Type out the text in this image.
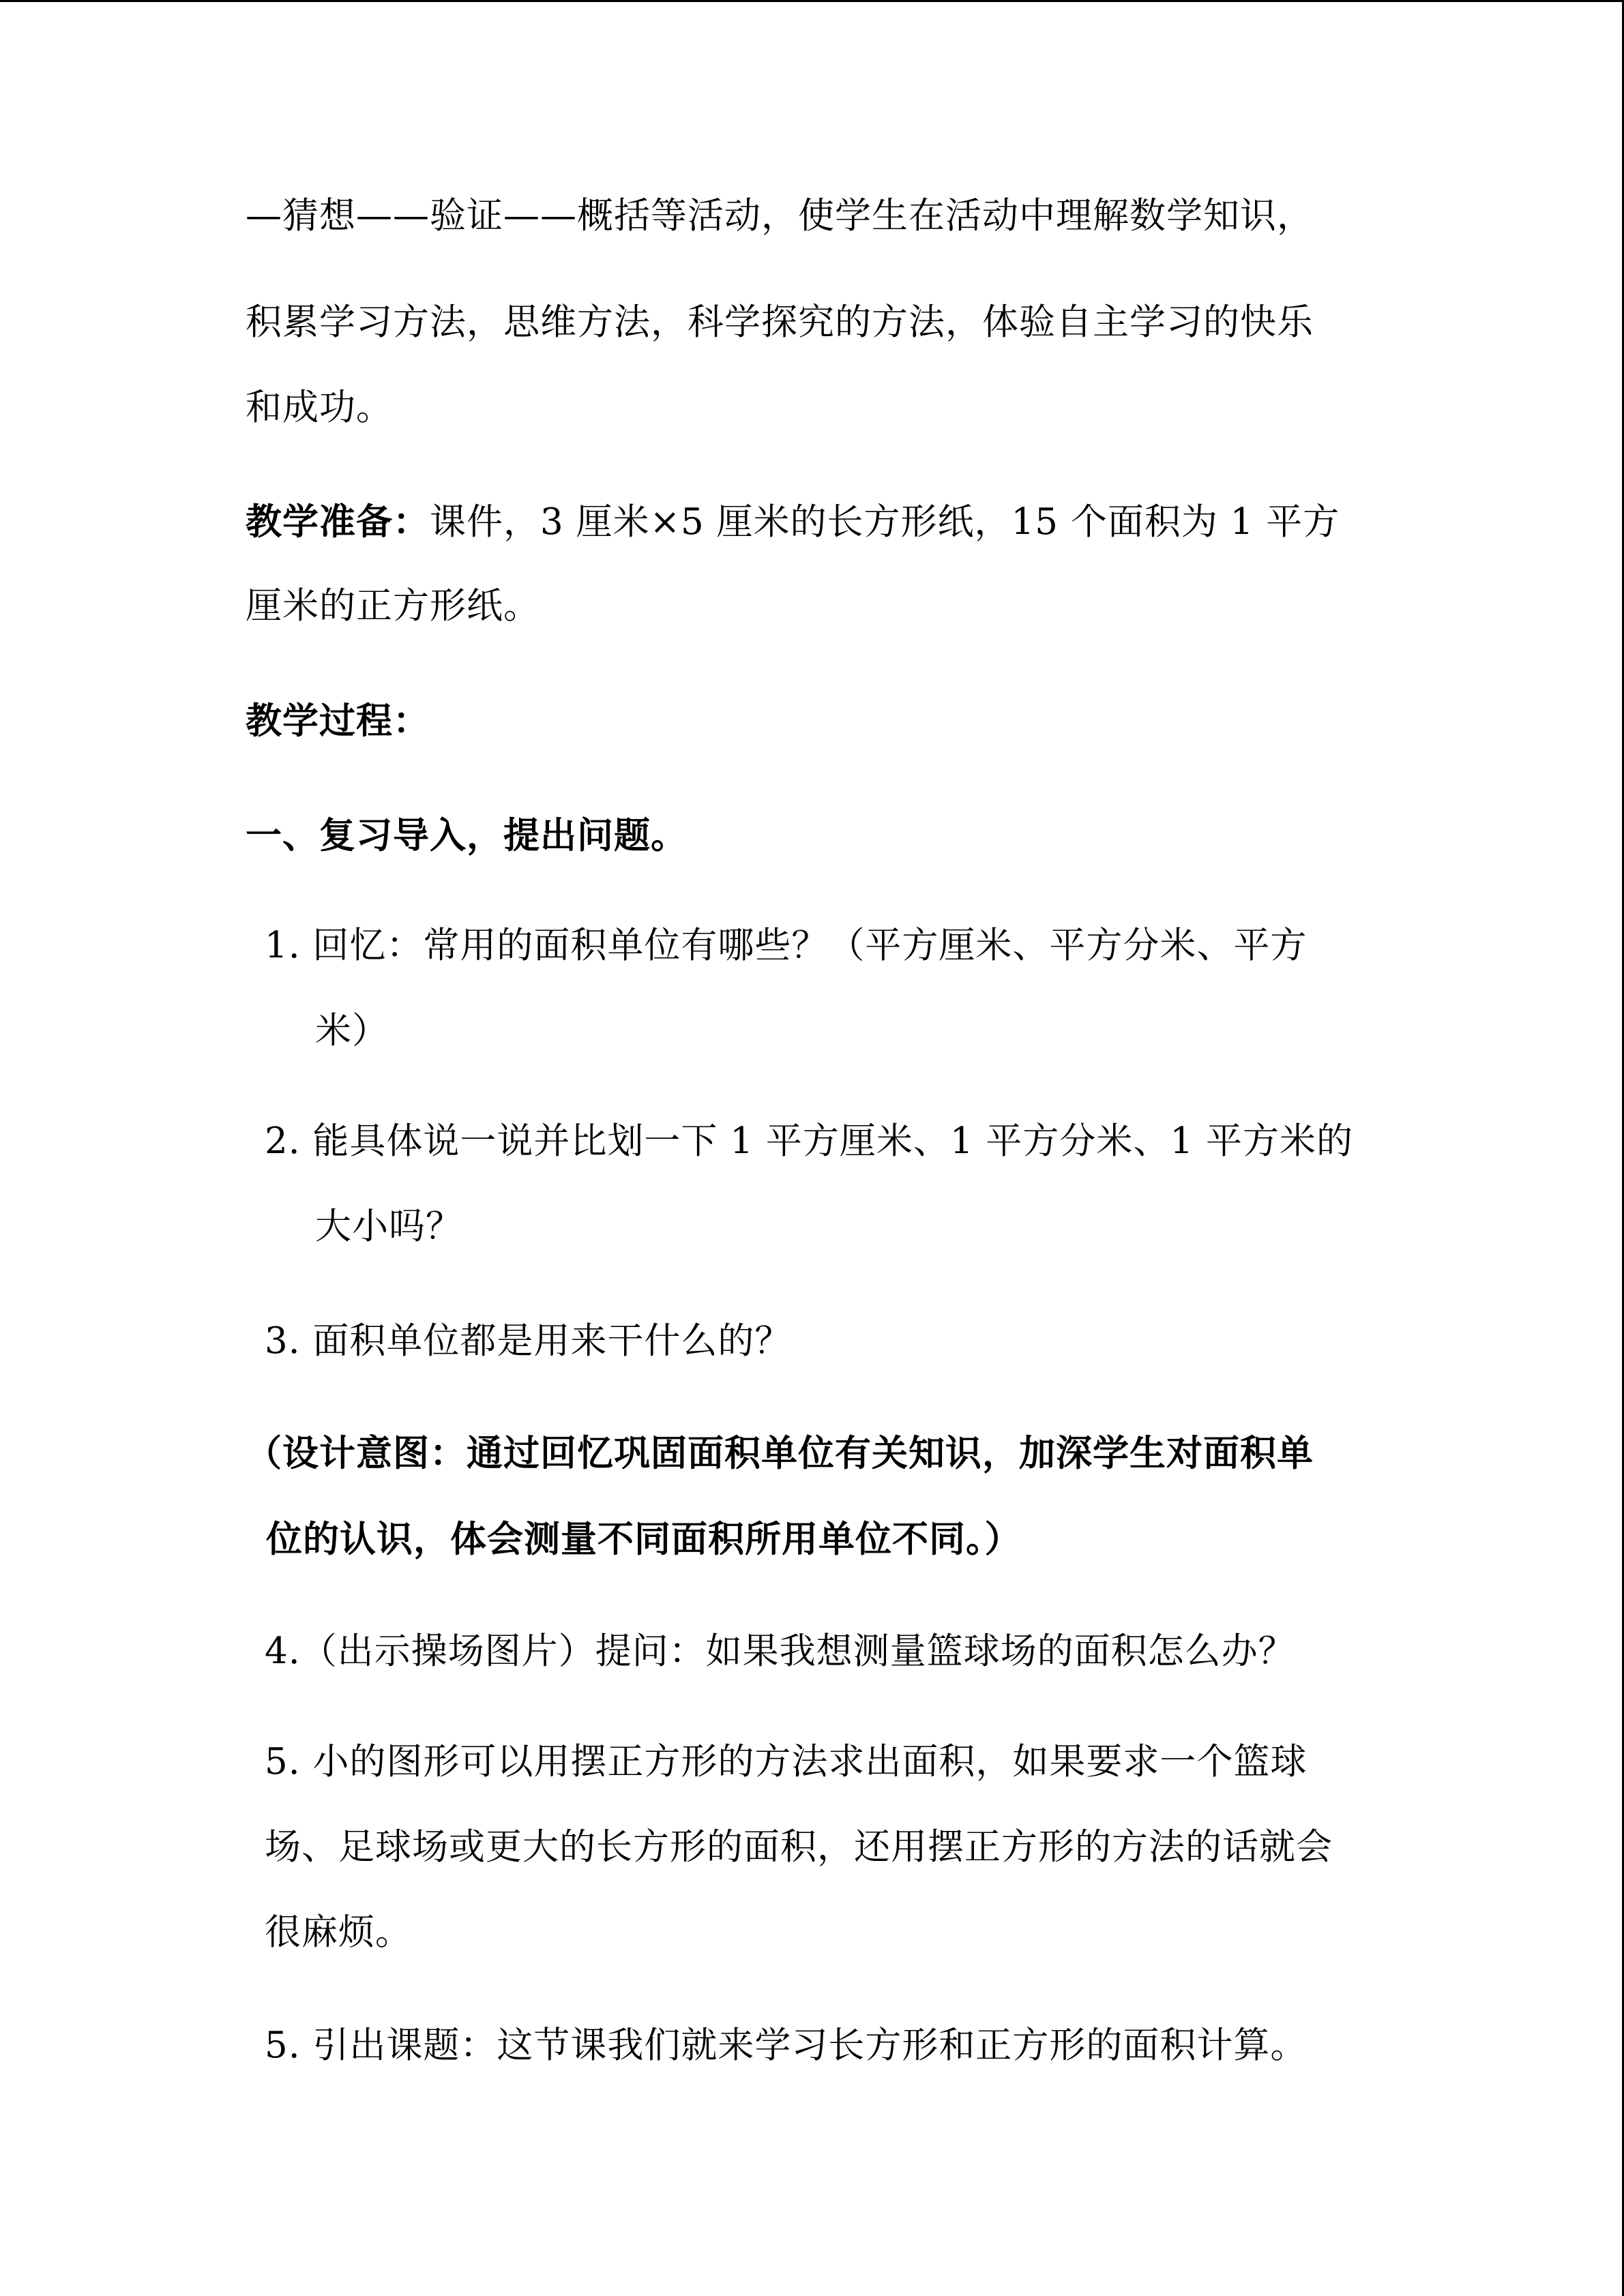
—猜想——验证——概括等活动，使学生在活动中理解数学知识，
积累学习方法，思维方法，科学探究的方法，体验自主学习的快乐
和成功。
教学准备：课件，3 厘米×5 厘米的长方形纸，15 个面积为 1 平方
厘米的正方形纸。
教学过程：
一、复习导入，提出问题。
1. 回忆：常用的面积单位有哪些？（平方厘米、平方分米、平方
米）
2. 能具体说一说并比划一下 1 平方厘米、1 平方分米、1 平方米的
大小吗？
3. 面积单位都是用来干什么的？
（设计意图：通过回忆巩固面积单位有关知识，加深学生对面积单
位的认识，体会测量不同面积所用单位不同。）
4.（出示操场图片）提问：如果我想测量篮球场的面积怎么办？
5. 小的图形可以用摆正方形的方法求出面积，如果要求一个篮球
场、足球场或更大的长方形的面积，还用摆正方形的方法的话就会
很麻烦。
5. 引出课题：这节课我们就来学习长方形和正方形的面积计算。
